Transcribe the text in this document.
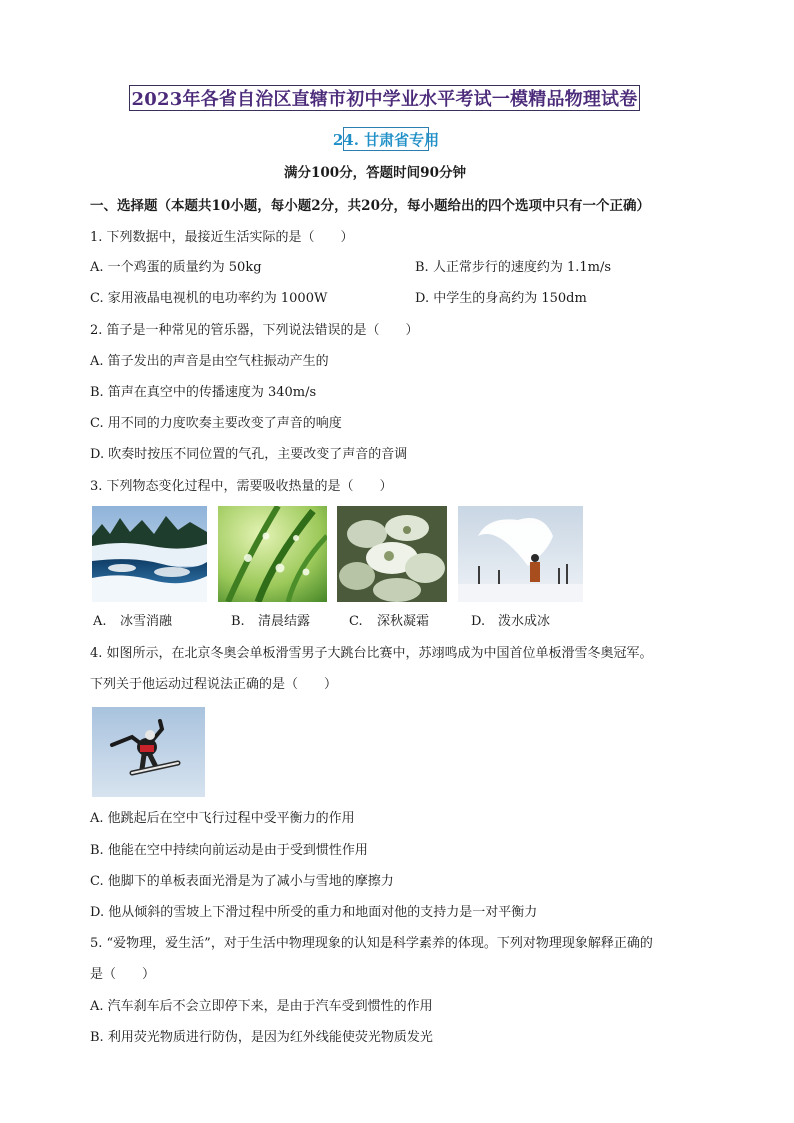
2023年各省自治区直辖市初中学业水平考试一模精品物理试卷
24. 甘肃省专用
满分100分，答题时间90分钟
一、选择题（本题共10小题，每小题2分，共20分，每小题给出的四个选项中只有一个正确）
1. 下列数据中，最接近生活实际的是（　　）
A. 一个鸡蛋的质量约为 50kg	B. 人正常步行的速度约为 1.1m/s
C. 家用液晶电视机的电功率约为 1000W	D. 中学生的身高约为 150dm
2. 笛子是一种常见的管乐器，下列说法错误的是（　　）
A. 笛子发出的声音是由空气柱振动产生的
B. 笛声在真空中的传播速度为 340m/s
C. 用不同的力度吹奏主要改变了声音的响度
D. 吹奏时按压不同位置的气孔，主要改变了声音的音调
3. 下列物态变化过程中，需要吸收热量的是（　　）
A. 冰雪消融	B. 清晨结露	C. 深秋凝霜	D. 泼水成冰
4. 如图所示，在北京冬奥会单板滑雪男子大跳台比赛中，苏翊鸣成为中国首位单板滑雪冬奥冠军。
下列关于他运动过程说法正确的是（　　）
A. 他跳起后在空中飞行过程中受平衡力的作用
B. 他能在空中持续向前运动是由于受到惯性作用
C. 他脚下的单板表面光滑是为了减小与雪地的摩擦力
D. 他从倾斜的雪坡上下滑过程中所受的重力和地面对他的支持力是一对平衡力
5. “爱物理，爱生活”，对于生活中物理现象的认知是科学素养的体现。下列对物理现象解释正确的
是（　　）
A. 汽车刹车后不会立即停下来，是由于汽车受到惯性的作用
B. 利用荧光物质进行防伪，是因为红外线能使荧光物质发光
